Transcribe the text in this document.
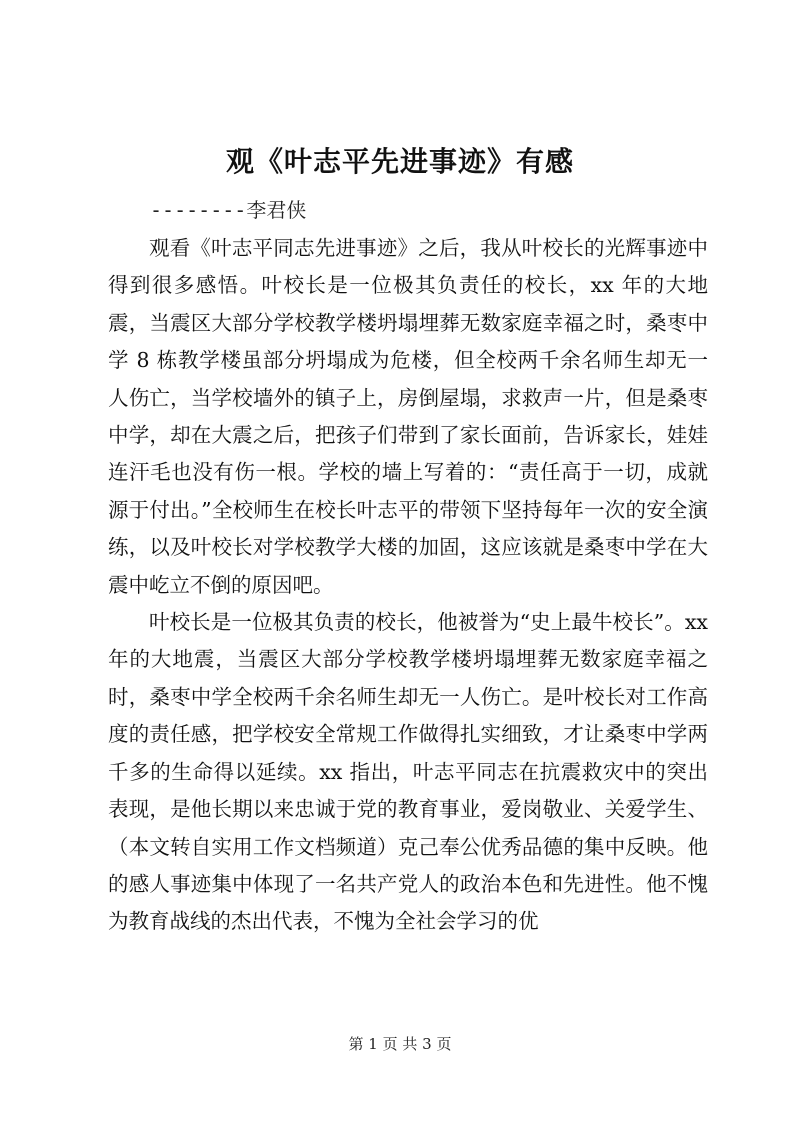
观《叶志平先进事迹》有感
--------李君侠

观看《叶志平同志先进事迹》之后，我从叶校长的光辉事迹中得到很多感悟。叶校长是一位极其负责任的校长，xx 年的大地震，当震区大部分学校教学楼坍塌埋葬无数家庭幸福之时，桑枣中学 8 栋教学楼虽部分坍塌成为危楼，但全校两千余名师生却无一人伤亡，当学校墙外的镇子上，房倒屋塌，求救声一片，但是桑枣中学，却在大震之后，把孩子们带到了家长面前，告诉家长，娃娃连汗毛也没有伤一根。学校的墙上写着的：“责任高于一切，成就源于付出。”全校师生在校长叶志平的带领下坚持每年一次的安全演练，以及叶校长对学校教学大楼的加固，这应该就是桑枣中学在大震中屹立不倒的原因吧。

叶校长是一位极其负责的校长，他被誉为“史上最牛校长”。xx 年的大地震，当震区大部分学校教学楼坍塌埋葬无数家庭幸福之时，桑枣中学全校两千余名师生却无一人伤亡。是叶校长对工作高度的责任感，把学校安全常规工作做得扎实细致，才让桑枣中学两千多的生命得以延续。xx 指出，叶志平同志在抗震救灾中的突出表现，是他长期以来忠诚于党的教育事业，爱岗敬业、关爱学生、（本文转自实用工作文档频道）克己奉公优秀品德的集中反映。他的感人事迹集中体现了一名共产党人的政治本色和先进性。他不愧为教育战线的杰出代表，不愧为全社会学习的优

第 1 页 共 3 页
